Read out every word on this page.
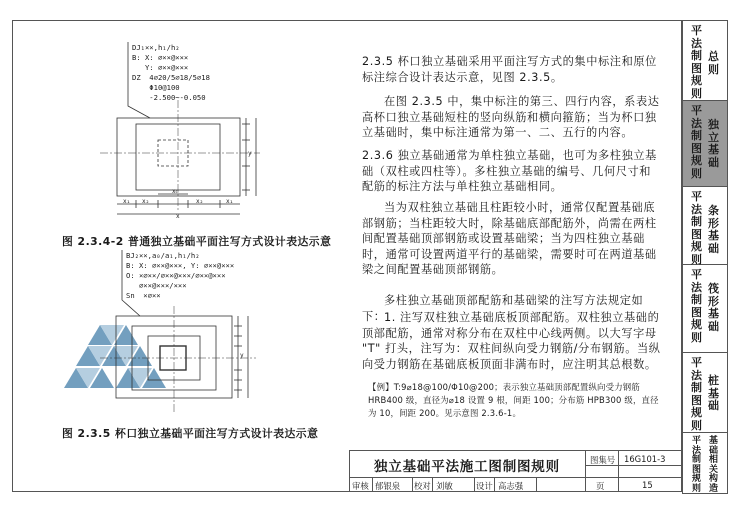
平法制图规则
总则
平法制图规则
独立基础
平法制图规则
条形基础
平法制图规则
筏形基础
平法制图规则
桩基础
平法制图规则
基础相关构造
DJ₁××,h₁/h₂
B: X: ⌀××@×××
Y: ⌀××@×××
DZ  4⌀20/5⌀18/5⌀18
Φ10@100
-2.500~-0.050
xᴄ
x₁ x₂	x₂	x₁
x
y
图 2.3.4-2 普通独立基础平面注写方式设计表达示意
BJ₂××,a₀/a₁,h₁/h₂
B: X: ⌀××@×××, Y: ⌀××@×××
O: ×⌀××/⌀××@×××/⌀××@×××
⌀××@×××/×××
Sn  ×⌀××
y
图 2.3.5 杯口独立基础平面注写方式设计表达示意
2.3.5 杯口独立基础采用平面注写方式的集中标注和原位标注综合设计表达示意，见图 2.3.5。
在图 2.3.5 中，集中标注的第三、四行内容，系表达高杯口独立基础短柱的竖向纵筋和横向箍筋；当为杯口独立基础时，集中标注通常为第一、二、五行的内容。
2.3.6 独立基础通常为单柱独立基础，也可为多柱独立基础（双柱或四柱等）。多柱独立基础的编号、几何尺寸和配筋的标注方法与单柱独立基础相同。
当为双柱独立基础且柱距较小时，通常仅配置基础底部钢筋；当柱距较大时，除基础底部配筋外，尚需在两柱间配置基础顶部钢筋或设置基础梁；当为四柱独立基础时，通常可设置两道平行的基础梁，需要时可在两道基础梁之间配置基础顶部钢筋。
多柱独立基础顶部配筋和基础梁的注写方法规定如下：
1. 注写双柱独立基础底板顶部配筋。双柱独立基础的顶部配筋，通常对称分布在双柱中心线两侧。以大写字母 "T" 打头，注写为：双柱间纵向受力钢筋/分布钢筋。当纵向受力钢筋在基础底板顶面非满布时，应注明其总根数。
【例】T:9⌀18@100/Φ10@200；表示独立基础顶部配置纵向受力钢筋 HRB400 级，直径为⌀18 设置 9 根，间距 100；分布筋 HPB300 级，直径为 10，间距 200。见示意图 2.3.6-1。
独立基础平法施工图制图规则	图集号 16G101-3
审核 郁银泉 校对 刘敏	设计 高志强	页	15
